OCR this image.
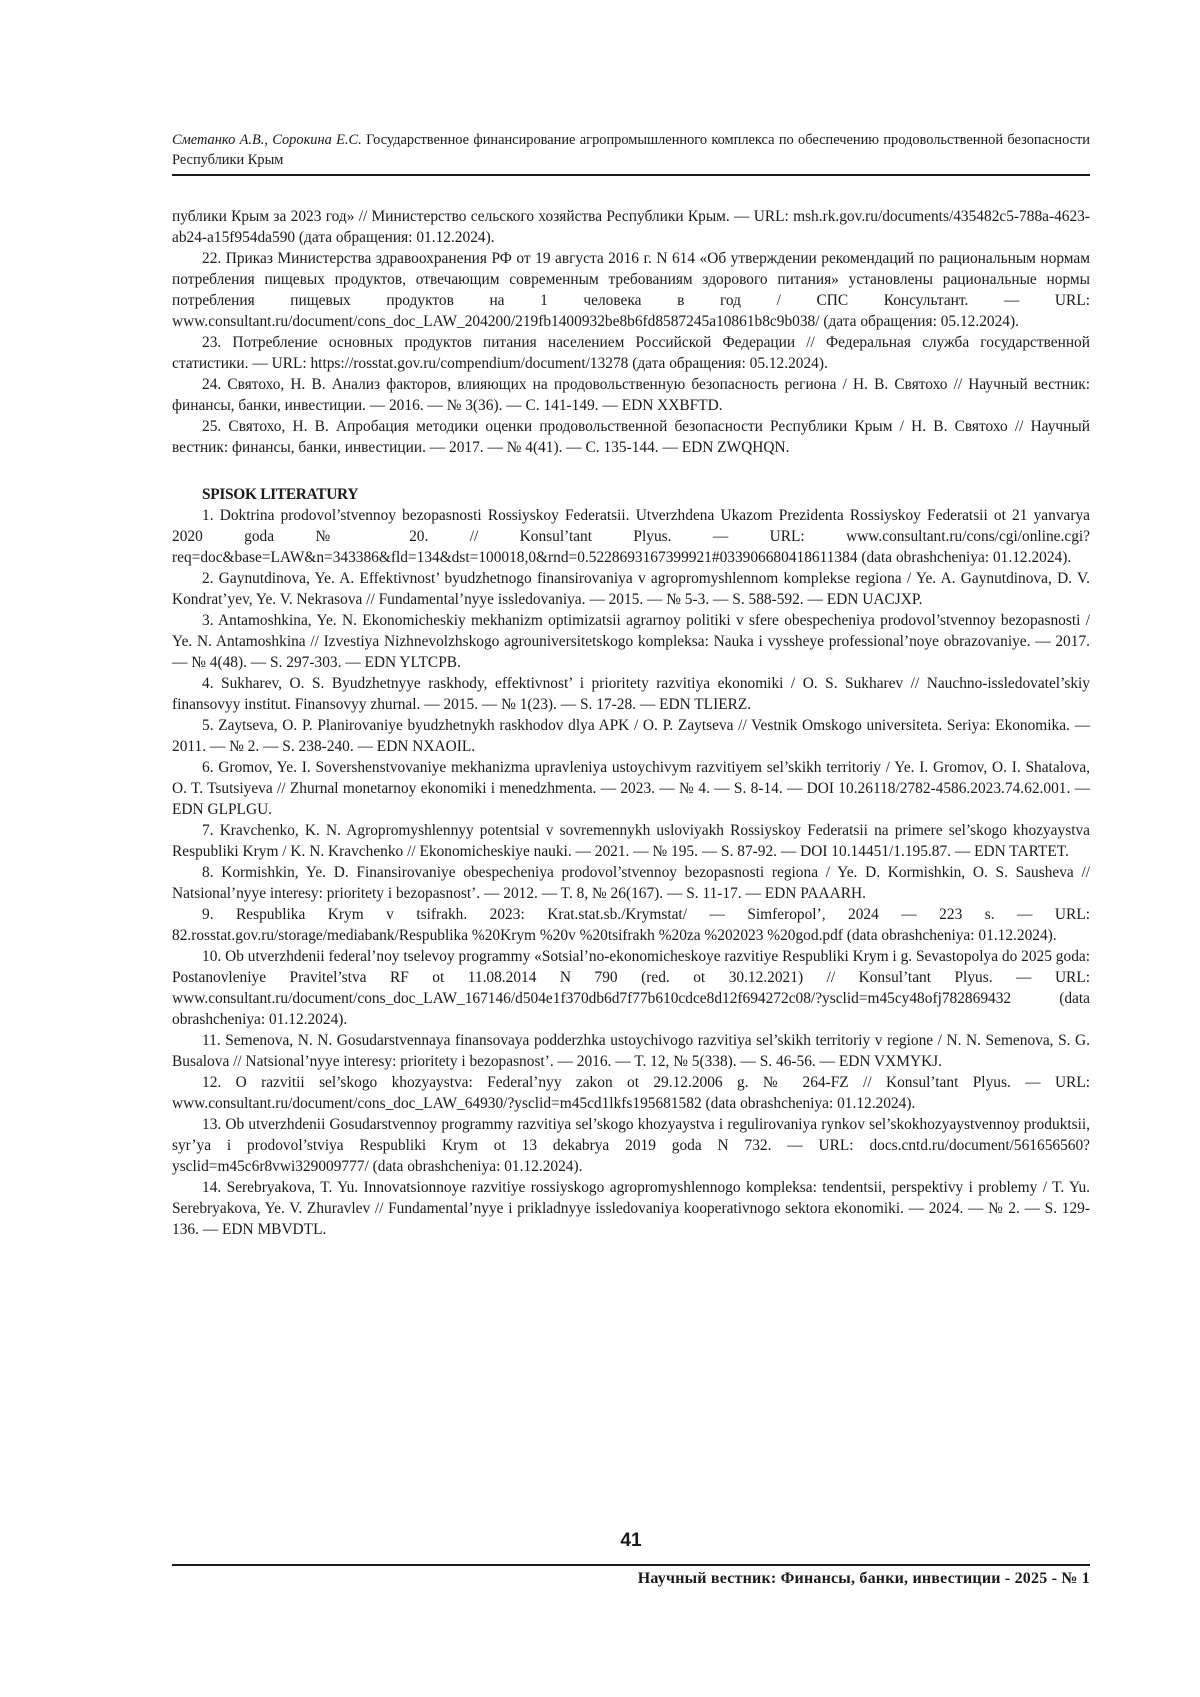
Сметанко А.В., Сорокина Е.С. Государственное финансирование агропромышленного комплекса по обеспечению продовольственной безопасности Республики Крым

публики Крым за 2023 год» // Министерство сельского хозяйства Республики Крым. — URL: msh.rk.gov.ru/documents/435482c5-788a-4623-ab24-a15f954da590 (дата обращения: 01.12.2024).

22. Приказ Министерства здравоохранения РФ от 19 августа 2016 г. N 614 «Об утверждении рекомендаций по рациональным нормам потребления пищевых продуктов, отвечающим современным требованиям здорового питания» установлены рациональные нормы потребления пищевых продуктов на 1 человека в год / СПС Консультант. — URL: www.consultant.ru/document/cons_doc_LAW_204200/219fb1400932be8b6fd8587245a10861b8c9b038/ (дата обращения: 05.12.2024).

23. Потребление основных продуктов питания населением Российской Федерации // Федеральная служба государственной статистики. — URL: https://rosstat.gov.ru/compendium/document/13278 (дата обращения: 05.12.2024).

24. Святохо, Н. В. Анализ факторов, влияющих на продовольственную безопасность региона / Н. В. Святохо // Научный вестник: финансы, банки, инвестиции. — 2016. — № 3(36). — С. 141-149. — EDN XXBFTD.

25. Святохо, Н. В. Апробация методики оценки продовольственной безопасности Республики Крым / Н. В. Святохо // Научный вестник: финансы, банки, инвестиции. — 2017. — № 4(41). — С. 135-144. — EDN ZWQHQN.

SPISOK LITERATURY

1. Doktrina prodovol’stvennoy bezopasnosti Rossiyskoy Federatsii. Utverzhdena Ukazom Prezidenta Rossiyskoy Federatsii ot 21 yanvarya 2020 goda № 20. // Konsul’tant Plyus. — URL: www.consultant.ru/cons/cgi/online.cgi?req=doc&base=LAW&n=343386&fld=134&dst=100018,0&rnd=0.5228693167399921#033906680418611384 (data obrashcheniya: 01.12.2024).

2. Gaynutdinova, Ye. A. Effektivnost’ byudzhetnogo finansirovaniya v agropromyshlennom komplekse regiona / Ye. A. Gaynutdinova, D. V. Kondrat’yev, Ye. V. Nekrasova // Fundamental’nyye issledovaniya. — 2015. — № 5-3. — S. 588-592. — EDN UACJXP.

3. Antamoshkina, Ye. N. Ekonomicheskiy mekhanizm optimizatsii agrarnoy politiki v sfere obespecheniya prodovol’stvennoy bezopasnosti / Ye. N. Antamoshkina // Izvestiya Nizhnevolzhskogo agrouniversitetskogo kompleksa: Nauka i vyssheye professional’noye obrazovaniye. — 2017. — № 4(48). — S. 297-303. — EDN YLTCPB.

4. Sukharev, O. S. Byudzhetnyye raskhody, effektivnost’ i prioritety razvitiya ekonomiki / O. S. Sukharev // Nauchno-issledovatel’skiy finansovyy institut. Finansovyy zhurnal. — 2015. — № 1(23). — S. 17-28. — EDN TLIERZ.

5. Zaytseva, O. P. Planirovaniye byudzhetnykh raskhodov dlya APK / O. P. Zaytseva // Vestnik Omskogo universiteta. Seriya: Ekonomika. — 2011. — № 2. — S. 238-240. — EDN NXAOIL.

6. Gromov, Ye. I. Sovershenstvovaniye mekhanizma upravleniya ustoychivym razvitiyem sel’skikh territoriy / Ye. I. Gromov, O. I. Shatalova, O. T. Tsutsiyeva // Zhurnal monetarnoy ekonomiki i menedzhmenta. — 2023. — № 4. — S. 8-14. — DOI 10.26118/2782-4586.2023.74.62.001. — EDN GLPLGU.

7. Kravchenko, K. N. Agropromyshlennyy potentsial v sovremennykh usloviyakh Rossiyskoy Federatsii na primere sel’skogo khozyaystva Respubliki Krym / K. N. Kravchenko // Ekonomicheskiye nauki. — 2021. — № 195. — S. 87-92. — DOI 10.14451/1.195.87. — EDN TARTET.

8. Kormishkin, Ye. D. Finansirovaniye obespecheniya prodovol’stvennoy bezopasnosti regiona / Ye. D. Kormishkin, O. S. Sausheva // Natsional’nyye interesy: prioritety i bezopasnost’. — 2012. — T. 8, № 26(167). — S. 11-17. — EDN PAAARH.

9. Respublika Krym v tsifrakh. 2023: Krat.stat.sb./Krymstat/ — Simferopol’, 2024 — 223 s. — URL: 82.rosstat.gov.ru/storage/mediabank/Respublika %20Krym %20v %20tsifrakh %20za %202023 %20god.pdf (data obrashcheniya: 01.12.2024).

10. Ob utverzhdenii federal’noy tselevoy programmy «Sotsial’no-ekonomicheskoye razvitiye Respubliki Krym i g. Sevastopolya do 2025 goda: Postanovleniye Pravitel’stva RF ot 11.08.2014 N 790 (red. ot 30.12.2021) // Konsul’tant Plyus. — URL: www.consultant.ru/document/cons_doc_LAW_167146/d504e1f370db6d7f77b610cdce8d12f694272c08/?ysclid=m45cy48ofj782869432 (data obrashcheniya: 01.12.2024).

11. Semenova, N. N. Gosudarstvennaya finansovaya podderzhka ustoychivogo razvitiya sel’skikh territoriy v regione / N. N. Semenova, S. G. Busalova // Natsional’nyye interesy: prioritety i bezopasnost’. — 2016. — T. 12, № 5(338). — S. 46-56. — EDN VXMYKJ.

12. O razvitii sel’skogo khozyaystva: Federal’nyy zakon ot 29.12.2006 g. № 264-FZ // Konsul’tant Plyus. — URL: www.consultant.ru/document/cons_doc_LAW_64930/?ysclid=m45cd1lkfs195681582 (data obrashcheniya: 01.12.2024).

13. Ob utverzhdenii Gosudarstvennoy programmy razvitiya sel’skogo khozyaystva i regulirovaniya rynkov sel’skokhozyaystvennoy produktsii, syr’ya i prodovol’stviya Respubliki Krym ot 13 dekabrya 2019 goda N 732. — URL: docs.cntd.ru/document/561656560?ysclid=m45c6r8vwi329009777/ (data obrashcheniya: 01.12.2024).

14. Serebryakova, T. Yu. Innovatsionnoye razvitiye rossiyskogo agropromyshlennogo kompleksa: tendentsii, perspektivy i problemy / T. Yu. Serebryakova, Ye. V. Zhuravlev // Fundamental’nyye i prikladnyye issledovaniya kooperativnogo sektora ekonomiki. — 2024. — № 2. — S. 129-136. — EDN MBVDTL.

41
Научный вестник: Финансы, банки, инвестиции - 2025 - № 1
